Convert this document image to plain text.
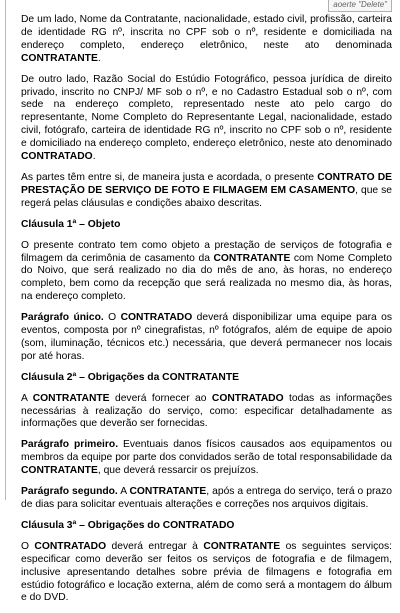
aoerte "Delete"

De um lado, Nome da Contratante, nacionalidade, estado civil, profissão, carteira de identidade RG nº, inscrita no CPF sob o nº, residente e domiciliada na endereço completo, endereço eletrônico, neste ato denominada CONTRATANTE.

De outro lado, Razão Social do Estúdio Fotográfico, pessoa jurídica de direito privado, inscrito no CNPJ/ MF sob o nº, e no Cadastro Estadual sob o nº, com sede na endereço completo, representado neste ato pelo cargo do representante, Nome Completo do Representante Legal, nacionalidade, estado civil, fotógrafo, carteira de identidade RG nº, inscrito no CPF sob o nº, residente e domiciliado na endereço completo, endereço eletrônico, neste ato denominado CONTRATADO.

As partes têm entre si, de maneira justa e acordada, o presente CONTRATO DE PRESTAÇÃO DE SERVIÇO DE FOTO E FILMAGEM EM CASAMENTO, que se regerá pelas cláusulas e condições abaixo descritas.

Cláusula 1ª – Objeto

O presente contrato tem como objeto a prestação de serviços de fotografia e filmagem da cerimônia de casamento da CONTRATANTE com Nome Completo do Noivo, que será realizado no dia do mês de ano, às horas, no endereço completo, bem como da recepção que será realizada no mesmo dia, às horas, na endereço completo.

Parágrafo único. O CONTRATADO deverá disponibilizar uma equipe para os eventos, composta por nº cinegrafistas, nº fotógrafos, além de equipe de apoio (som, iluminação, técnicos etc.) necessária, que deverá permanecer nos locais por até horas.

Cláusula 2ª – Obrigações da CONTRATANTE

A CONTRATANTE deverá fornecer ao CONTRATADO todas as informações necessárias à realização do serviço, como: especificar detalhadamente as informações que deverão ser fornecidas.

Parágrafo primeiro. Eventuais danos físicos causados aos equipamentos ou membros da equipe por parte dos convidados serão de total responsabilidade da CONTRATANTE, que deverá ressarcir os prejuízos.

Parágrafo segundo. A CONTRATANTE, após a entrega do serviço, terá o prazo de dias para solicitar eventuais alterações e correções nos arquivos digitais.

Cláusula 3ª – Obrigações do CONTRATADO

O CONTRATADO deverá entregar à CONTRATANTE os seguintes serviços: especificar como deverão ser feitos os serviços de fotografia e de filmagem, inclusive apresentando detalhes sobre prévia de filmagens e fotografia em estúdio fotográfico e locação externa, além de como será a montagem do álbum e do DVD.
